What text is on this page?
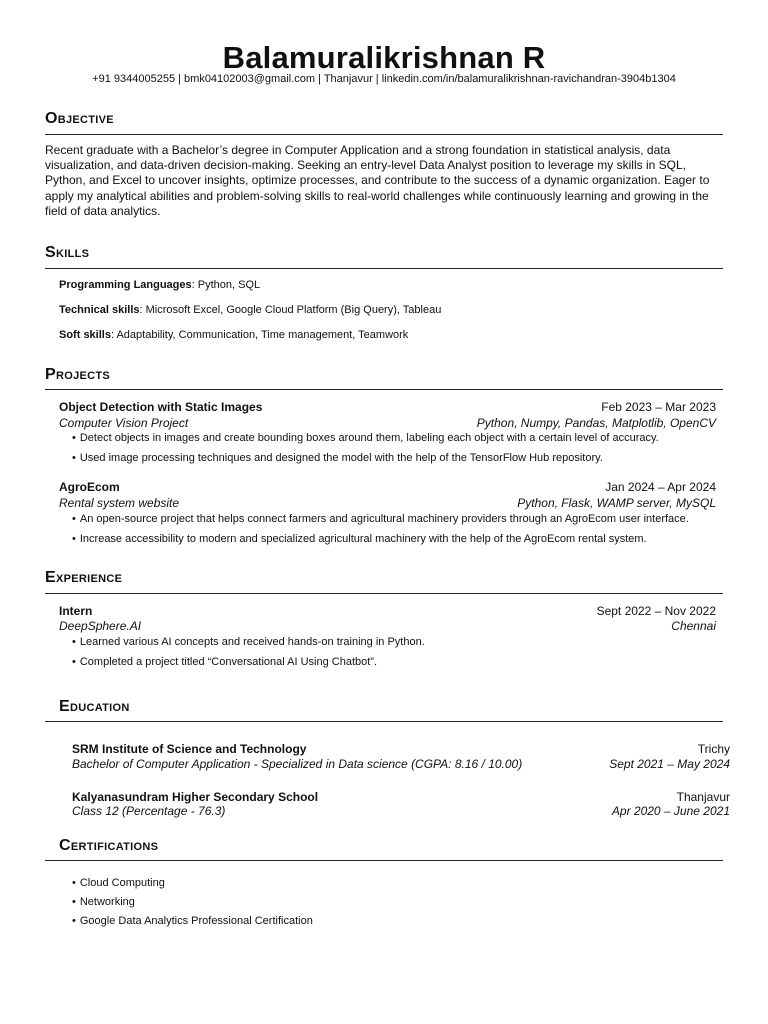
Balamuralikrishnan R
+91 9344005255 | bmk04102003@gmail.com | Thanjavur | linkedin.com/in/balamuralikrishnan-ravichandran-3904b1304
Objective
Recent graduate with a Bachelor’s degree in Computer Application and a strong foundation in statistical analysis, data visualization, and data-driven decision-making. Seeking an entry-level Data Analyst position to leverage my skills in SQL, Python, and Excel to uncover insights, optimize processes, and contribute to the success of a dynamic organization. Eager to apply my analytical abilities and problem-solving skills to real-world challenges while continuously learning and growing in the field of data analytics.
Skills
Programming Languages: Python, SQL
Technical skills: Microsoft Excel, Google Cloud Platform (Big Query), Tableau
Soft skills: Adaptability, Communication, Time management, Teamwork
Projects
Object Detection with Static Images	Feb 2023 – Mar 2023
Computer Vision Project	Python, Numpy, Pandas, Matplotlib, OpenCV
• Detect objects in images and create bounding boxes around them, labeling each object with a certain level of accuracy.
• Used image processing techniques and designed the model with the help of the TensorFlow Hub repository.
AgroEcom	Jan 2024 – Apr 2024
Rental system website	Python, Flask, WAMP server, MySQL
• An open-source project that helps connect farmers and agricultural machinery providers through an AgroEcom user interface.
• Increase accessibility to modern and specialized agricultural machinery with the help of the AgroEcom rental system.
Experience
Intern	Sept 2022 – Nov 2022
DeepSphere.AI	Chennai
• Learned various AI concepts and received hands-on training in Python.
• Completed a project titled “Conversational AI Using Chatbot”.
Education
SRM Institute of Science and Technology	Trichy
Bachelor of Computer Application - Specialized in Data science (CGPA: 8.16 / 10.00)	Sept 2021 – May 2024
Kalyanasundram Higher Secondary School	Thanjavur
Class 12 (Percentage - 76.3)	Apr 2020 – June 2021
Certifications
• Cloud Computing
• Networking
• Google Data Analytics Professional Certification
